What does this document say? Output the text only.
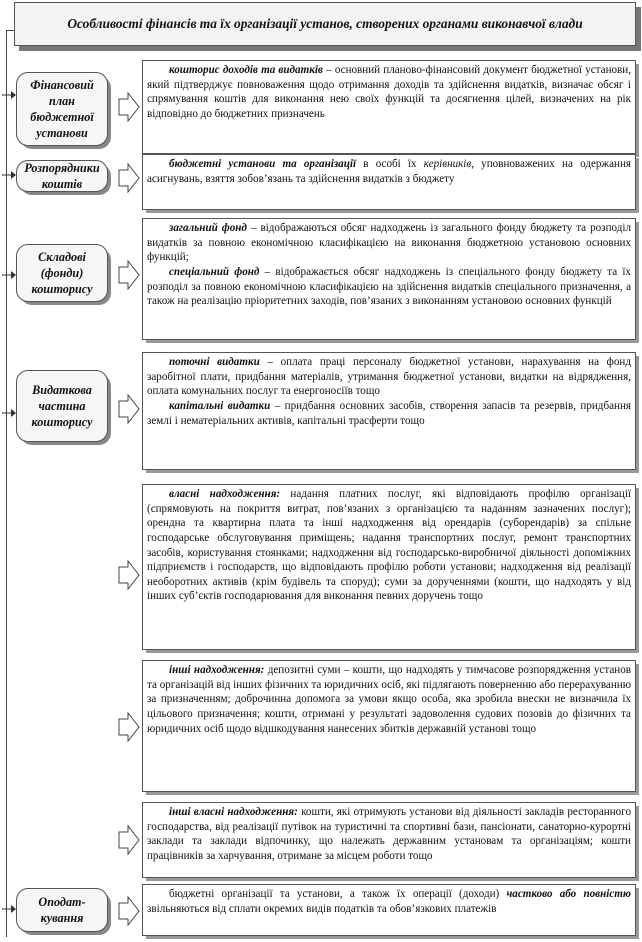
Особливості фінансів та їх організації установ, створених органами виконавчої влади
Фінансовий план бюджетної установи

кошторис доходів та видатків – основний планово-фінансовий документ бюджетної установи, який підтверджує повноваження щодо отримання доходів та здійснення видатків, визначає обсяг і спрямування коштів для виконання нею своїх функцій та досягнення цілей, визначених на рік відповідно до бюджетних призначень

Розпорядники коштів

бюджетні установи та організації в особі їх керівників, уповноважених на одержання асигнувань, взяття зобов’язань та здійснення видатків з бюджету

Складові (фонди) кошторису

загальний фонд – відображаються обсяг надходжень із загального фонду бюджету та розподіл видатків за повною економічною класифікацією на виконання бюджетною установою основних функцій;

спеціальний фонд – відображається обсяг надходжень із спеціального фонду бюджету та їх розподіл за повною економічною класифікацією на здійснення видатків спеціального призначення, а також на реалізацію пріоритетних заходів, пов’язаних з виконанням установою основних функцій

Видаткова частина кошторису

поточні видатки – оплата праці персоналу бюджетної установи, нарахування на фонд заробітної плати, придбання матеріалів, утримання бюджетної установи, видатки на відрядження, оплата комунальних послуг та енергоносіїв тощо

капітальні видатки – придбання основних засобів, створення запасів та резервів, придбання землі і нематеріальних активів, капітальні трасферти тощо

власні надходження: надання платних послуг, які відповідають профілю організації (спрямовують на покриття витрат, пов’язаних з організацією та наданням зазначених послуг); орендна та квартирна плата та інші надходження від орендарів (суборендарів) за спільне господарське обслуговування приміщень; надання транспортних послуг, ремонт транспортних засобів, користування стоянками; надходження від господарсько-виробничої діяльності допоміжних підприємств і господарств, що відповідають профілю роботи установи; надходження від реалізації необоротних активів (крім будівель та споруд); суми за дорученнями (кошти, що надходять у від інших суб’єктів господарювання для виконання певних доручень тощо

інші надходження: депозитні суми – кошти, що надходять у тимчасове розпорядження установ та організацій від інших фізичних та юридичних осіб, які підлягають поверненню або перерахуванню за призначенням; доброчинна допомога за умови якщо особа, яка зробила внески не визначила їх цільового призначення; кошти, отримані у результаті задоволення судових позовів до фізичних та юридичних осіб щодо відшкодування нанесених збитків державній установі тощо

інші власні надходження: кошти, які отримують установи від діяльності закладів ресторанного господарства, від реалізації путівок на туристичні та спортивні бази, пансіонати, санаторно-курортні заклади та заклади відпочинку, що належать державним установам та організаціям; кошти працівників за харчування, отримане за місцем роботи тощо

Оподат-кування

бюджетні організації та установи, а також їх операції (доходи) частково або повністю звільняються від сплати окремих видів податків та обов’язкових платежів
